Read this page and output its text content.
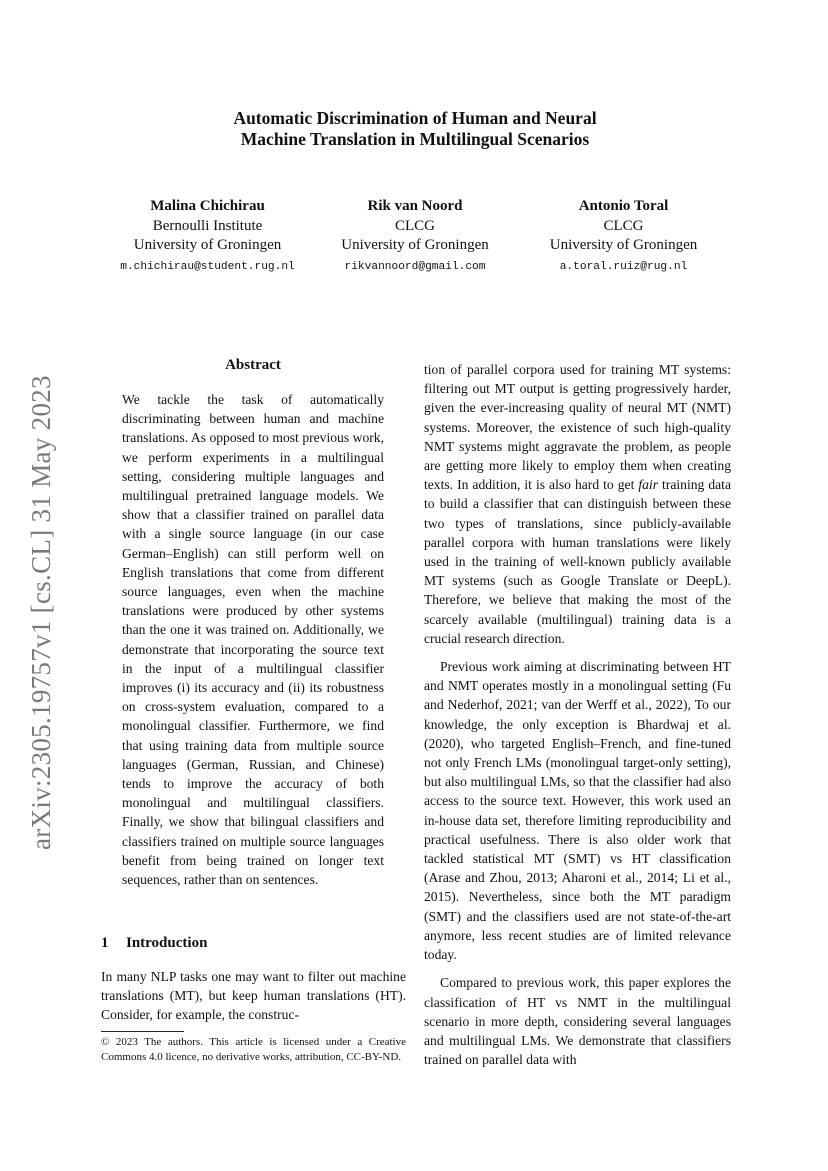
Automatic Discrimination of Human and Neural
Machine Translation in Multilingual Scenarios
Malina Chichirau
Bernoulli Institute
University of Groningen
m.chichirau@student.rug.nl
Rik van Noord
CLCG
University of Groningen
rikvannoord@gmail.com
Antonio Toral
CLCG
University of Groningen
a.toral.ruiz@rug.nl
arXiv:2305.19757v1 [cs.CL] 31 May 2023
Abstract

We tackle the task of automatically discriminating between human and machine translations. As opposed to most previous work, we perform experiments in a multilingual setting, considering multiple languages and multilingual pretrained language models. We show that a classifier trained on parallel data with a single source language (in our case German–English) can still perform well on English translations that come from different source languages, even when the machine translations were produced by other systems than the one it was trained on. Additionally, we demonstrate that incorporating the source text in the input of a multilingual classifier improves (i) its accuracy and (ii) its robustness on cross-system evaluation, compared to a monolingual classifier. Furthermore, we find that using training data from multiple source languages (German, Russian, and Chinese) tends to improve the accuracy of both monolingual and multilingual classifiers. Finally, we show that bilingual classifiers and classifiers trained on multiple source languages benefit from being trained on longer text sequences, rather than on sentences.

1 Introduction

In many NLP tasks one may want to filter out machine translations (MT), but keep human translations (HT). Consider, for example, the construc-

© 2023 The authors. This article is licensed under a Creative Commons 4.0 licence, no derivative works, attribution, CC-BY-ND.

tion of parallel corpora used for training MT systems: filtering out MT output is getting progressively harder, given the ever-increasing quality of neural MT (NMT) systems. Moreover, the existence of such high-quality NMT systems might aggravate the problem, as people are getting more likely to employ them when creating texts. In addition, it is also hard to get fair training data to build a classifier that can distinguish between these two types of translations, since publicly-available parallel corpora with human translations were likely used in the training of well-known publicly available MT systems (such as Google Translate or DeepL). Therefore, we believe that making the most of the scarcely available (multilingual) training data is a crucial research direction.

Previous work aiming at discriminating between HT and NMT operates mostly in a monolingual setting (Fu and Nederhof, 2021; van der Werff et al., 2022), To our knowledge, the only exception is Bhardwaj et al. (2020), who targeted English–French, and fine-tuned not only French LMs (monolingual target-only setting), but also multilingual LMs, so that the classifier had also access to the source text. However, this work used an in-house data set, therefore limiting reproducibility and practical usefulness. There is also older work that tackled statistical MT (SMT) vs HT classification (Arase and Zhou, 2013; Aharoni et al., 2014; Li et al., 2015). Nevertheless, since both the MT paradigm (SMT) and the classifiers used are not state-of-the-art anymore, less recent studies are of limited relevance today.

Compared to previous work, this paper explores the classification of HT vs NMT in the multilingual scenario in more depth, considering several languages and multilingual LMs. We demonstrate that classifiers trained on parallel data with
